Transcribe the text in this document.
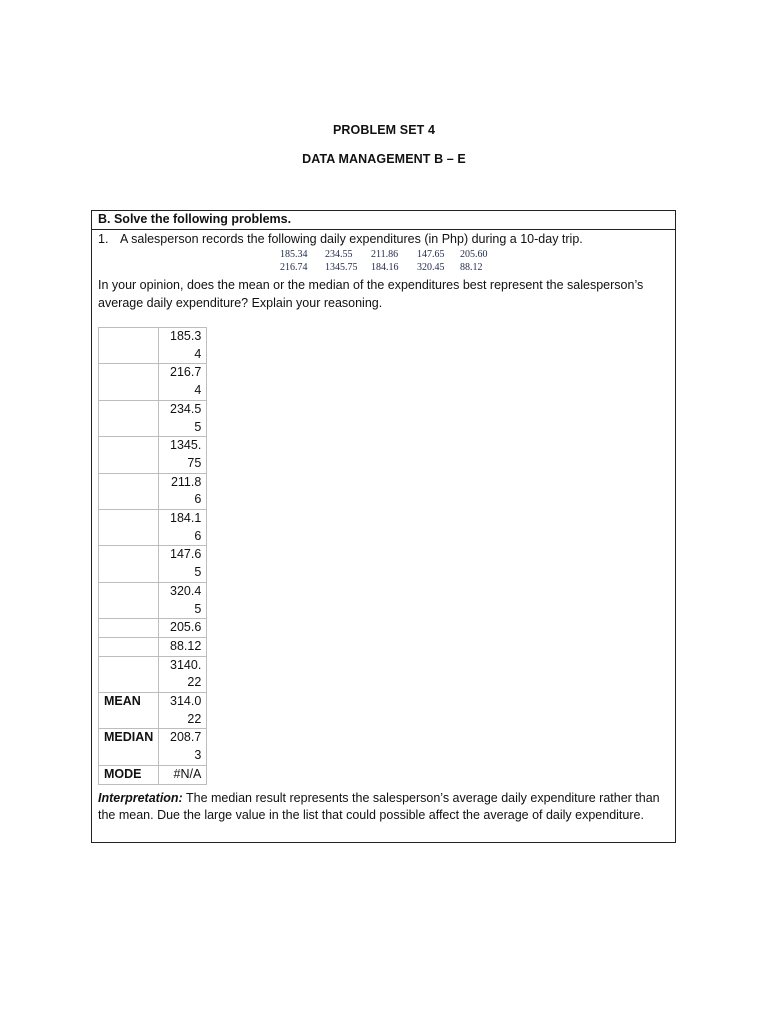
PROBLEM SET 4
DATA MANAGEMENT B – E
B. Solve the following problems.
1. A salesperson records the following daily expenditures (in Php) during a 10-day trip.
185.34	234.55	211.86	147.65	205.60
216.74	1345.75	184.16	320.45	88.12
In your opinion, does the mean or the median of the expenditures best represent the salesperson’s average daily expenditure? Explain your reasoning.
	185.34
	216.74
	234.55
	1345.75
	211.86
	184.16
	147.65
	320.45
	205.6
	88.12
	3140.22
MEAN	314.022
MEDIAN	208.73
MODE	#N/A
Interpretation: The median result represents the salesperson’s average daily expenditure rather than the mean. Due the large value in the list that could possible affect the average of daily expenditure.
